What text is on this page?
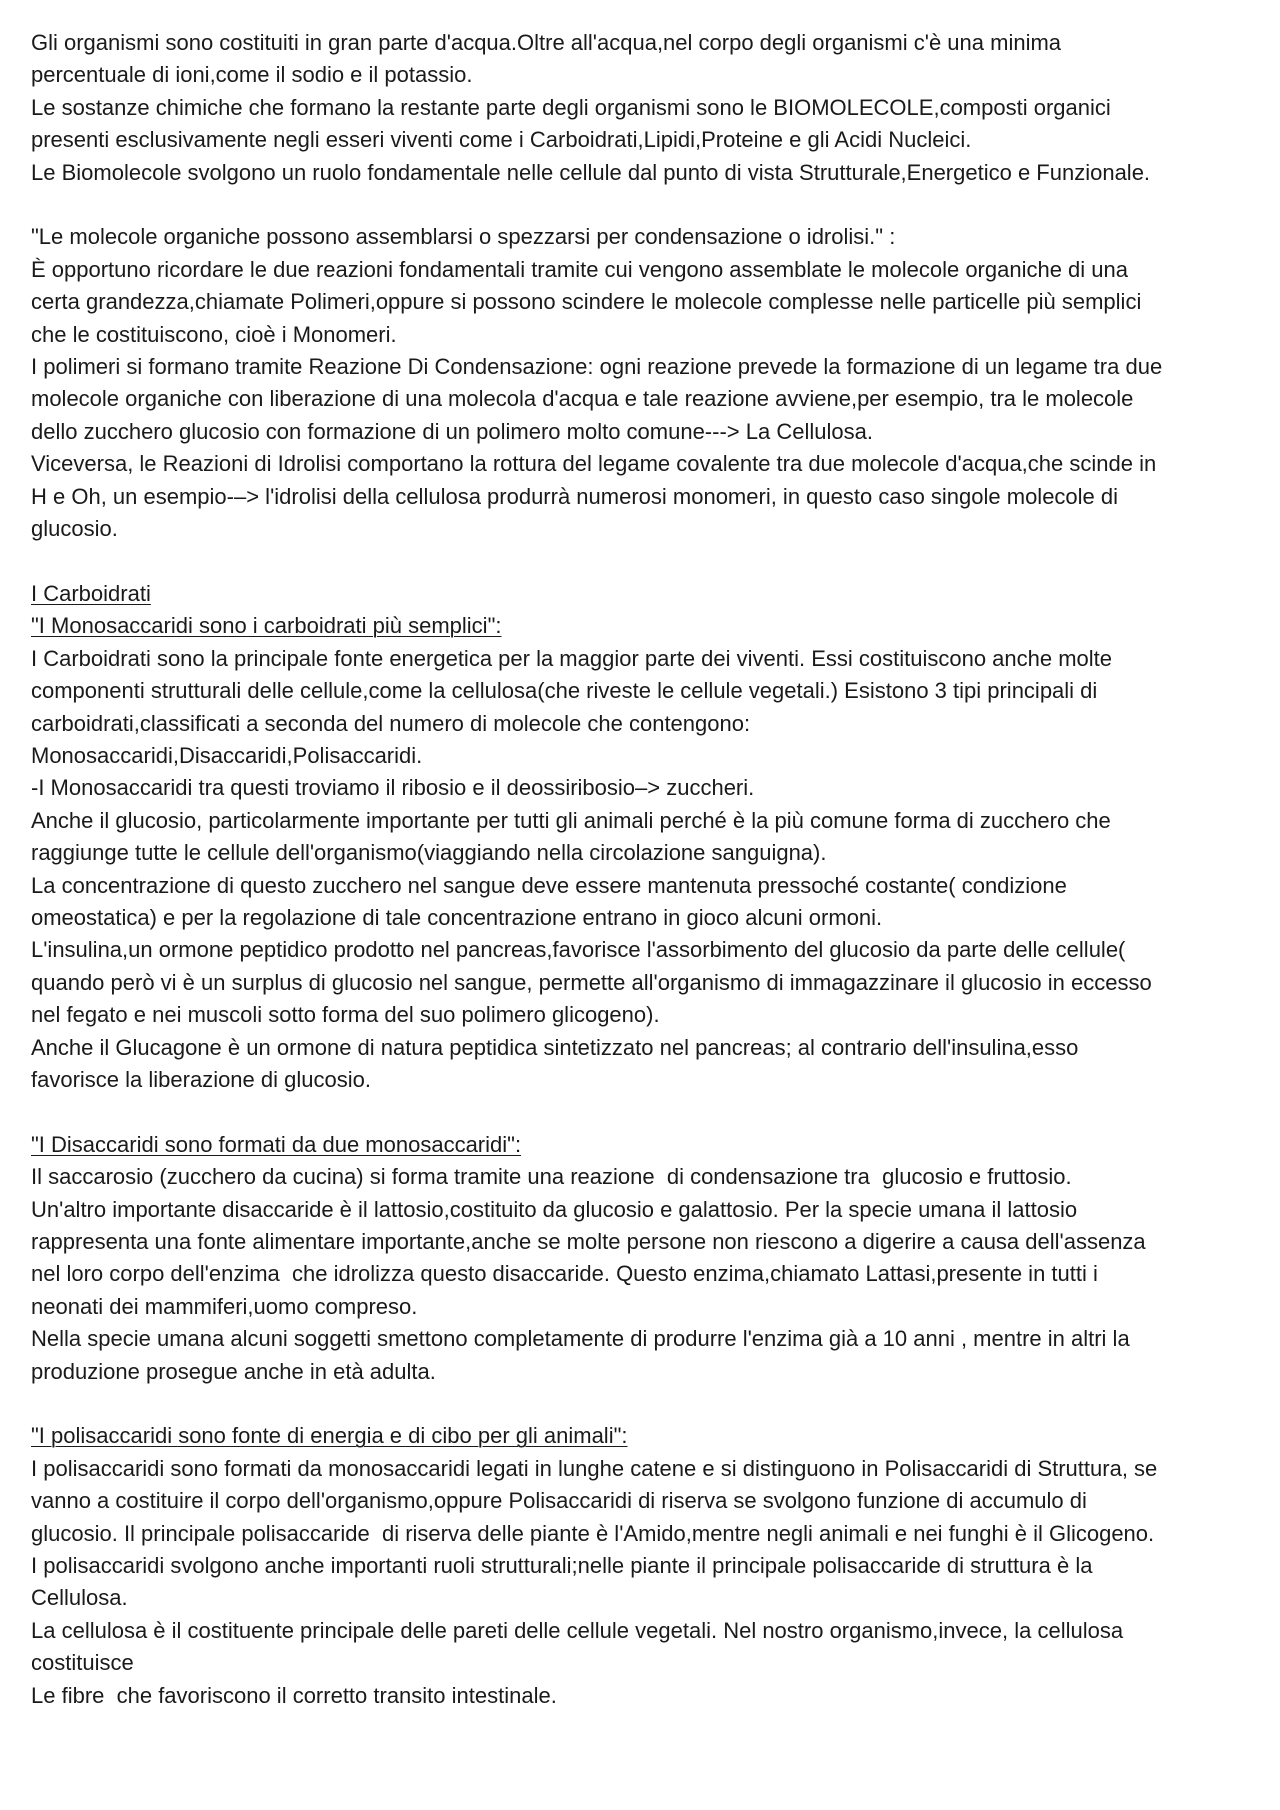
Gli organismi sono costituiti in gran parte d'acqua.Oltre all'acqua,nel corpo degli organismi c'è una minima
percentuale di ioni,come il sodio e il potassio.
Le sostanze chimiche che formano la restante parte degli organismi sono le BIOMOLECOLE,composti organici
presenti esclusivamente negli esseri viventi come i Carboidrati,Lipidi,Proteine e gli Acidi Nucleici.
Le Biomolecole svolgono un ruolo fondamentale nelle cellule dal punto di vista Strutturale,Energetico e Funzionale.
"Le molecole organiche possono assemblarsi o spezzarsi per condensazione o idrolisi." :
È opportuno ricordare le due reazioni fondamentali tramite cui vengono assemblate le molecole organiche di una
certa grandezza,chiamate Polimeri,oppure si possono scindere le molecole complesse nelle particelle più semplici
che le costituiscono, cioè i Monomeri.
I polimeri si formano tramite Reazione Di Condensazione: ogni reazione prevede la formazione di un legame tra due
molecole organiche con liberazione di una molecola d'acqua e tale reazione avviene,per esempio, tra le molecole
dello zucchero glucosio con formazione di un polimero molto comune---> La Cellulosa.
Viceversa, le Reazioni di Idrolisi comportano la rottura del legame covalente tra due molecole d'acqua,che scinde in
H e Oh, un esempio-–> l'idrolisi della cellulosa produrrà numerosi monomeri, in questo caso singole molecole di
glucosio.
I Carboidrati
"I Monosaccaridi sono i carboidrati più semplici":
I Carboidrati sono la principale fonte energetica per la maggior parte dei viventi. Essi costituiscono anche molte
componenti strutturali delle cellule,come la cellulosa(che riveste le cellule vegetali.) Esistono 3 tipi principali di
carboidrati,classificati a seconda del numero di molecole che contengono:
Monosaccaridi,Disaccaridi,Polisaccaridi.
-I Monosaccaridi tra questi troviamo il ribosio e il deossiribosio–> zuccheri.
Anche il glucosio, particolarmente importante per tutti gli animali perché è la più comune forma di zucchero che
raggiunge tutte le cellule dell'organismo(viaggiando nella circolazione sanguigna).
La concentrazione di questo zucchero nel sangue deve essere mantenuta pressoché costante( condizione
omeostatica) e per la regolazione di tale concentrazione entrano in gioco alcuni ormoni.
L'insulina,un ormone peptidico prodotto nel pancreas,favorisce l'assorbimento del glucosio da parte delle cellule(
quando però vi è un surplus di glucosio nel sangue, permette all'organismo di immagazzinare il glucosio in eccesso
nel fegato e nei muscoli sotto forma del suo polimero glicogeno).
Anche il Glucagone è un ormone di natura peptidica sintetizzato nel pancreas; al contrario dell'insulina,esso
favorisce la liberazione di glucosio.
"I Disaccaridi sono formati da due monosaccaridi":
Il saccarosio (zucchero da cucina) si forma tramite una reazione  di condensazione tra  glucosio e fruttosio.
Un'altro importante disaccaride è il lattosio,costituito da glucosio e galattosio. Per la specie umana il lattosio
rappresenta una fonte alimentare importante,anche se molte persone non riescono a digerire a causa dell'assenza
nel loro corpo dell'enzima  che idrolizza questo disaccaride. Questo enzima,chiamato Lattasi,presente in tutti i
neonati dei mammiferi,uomo compreso.
Nella specie umana alcuni soggetti smettono completamente di produrre l'enzima già a 10 anni , mentre in altri la
produzione prosegue anche in età adulta.
"I polisaccaridi sono fonte di energia e di cibo per gli animali":
I polisaccaridi sono formati da monosaccaridi legati in lunghe catene e si distinguono in Polisaccaridi di Struttura, se
vanno a costituire il corpo dell'organismo,oppure Polisaccaridi di riserva se svolgono funzione di accumulo di
glucosio. Il principale polisaccaride  di riserva delle piante è l'Amido,mentre negli animali e nei funghi è il Glicogeno.
I polisaccaridi svolgono anche importanti ruoli strutturali;nelle piante il principale polisaccaride di struttura è la
Cellulosa.
La cellulosa è il costituente principale delle pareti delle cellule vegetali. Nel nostro organismo,invece, la cellulosa
costituisce
Le fibre  che favoriscono il corretto transito intestinale.
